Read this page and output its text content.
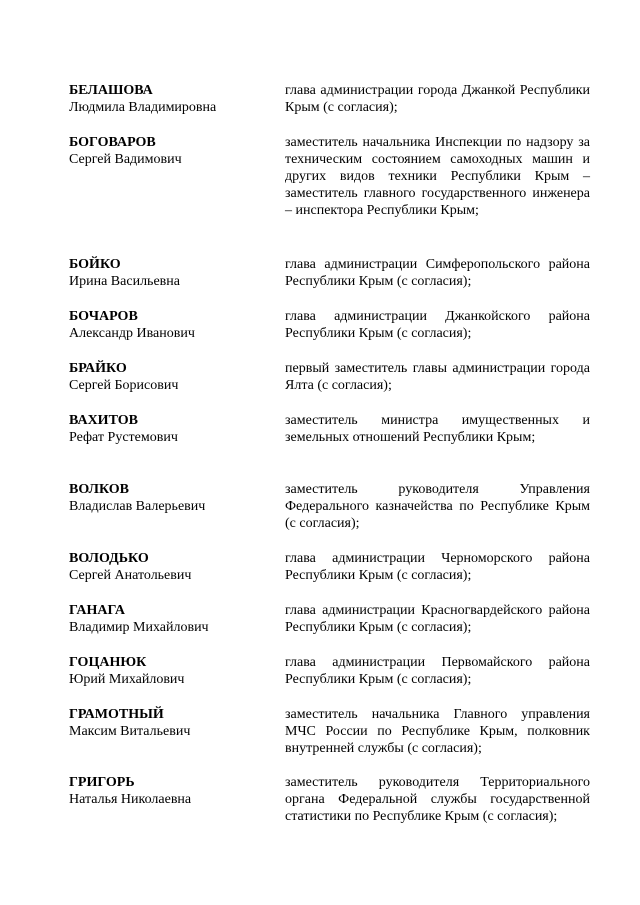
БЕЛАШОВА
Людмила Владимировна
глава администрации города Джанкой Республики Крым (с согласия);
БОГОВАРОВ
Сергей Вадимович
заместитель начальника Инспекции по надзору за техническим состоянием самоходных машин и других видов техники Республики Крым – заместитель главного государственного инженера – инспектора Республики Крым;
БОЙКО
Ирина Васильевна
глава администрации Симферопольского района Республики Крым (с согласия);
БОЧАРОВ
Александр Иванович
глава администрации Джанкойского района Республики Крым (с согласия);
БРАЙКО
Сергей Борисович
первый заместитель главы администрации города Ялта (с согласия);
ВАХИТОВ
Рефат Рустемович
заместитель министра имущественных и земельных отношений Республики Крым;
ВОЛКОВ
Владислав Валерьевич
заместитель руководителя Управления Федерального казначейства по Республике Крым (с согласия);
ВОЛОДЬКО
Сергей Анатольевич
глава администрации Черноморского района Республики Крым (с согласия);
ГАНАГА
Владимир Михайлович
глава администрации Красногвардейского района Республики Крым (с согласия);
ГОЦАНЮК
Юрий Михайлович
глава администрации Первомайского района Республики Крым (с согласия);
ГРАМОТНЫЙ
Максим Витальевич
заместитель начальника Главного управления МЧС России по Республике Крым, полковник внутренней службы (с согласия);
ГРИГОРЬ
Наталья Николаевна
заместитель руководителя Территориального органа Федеральной службы государственной статистики по Республике Крым (с согласия);
